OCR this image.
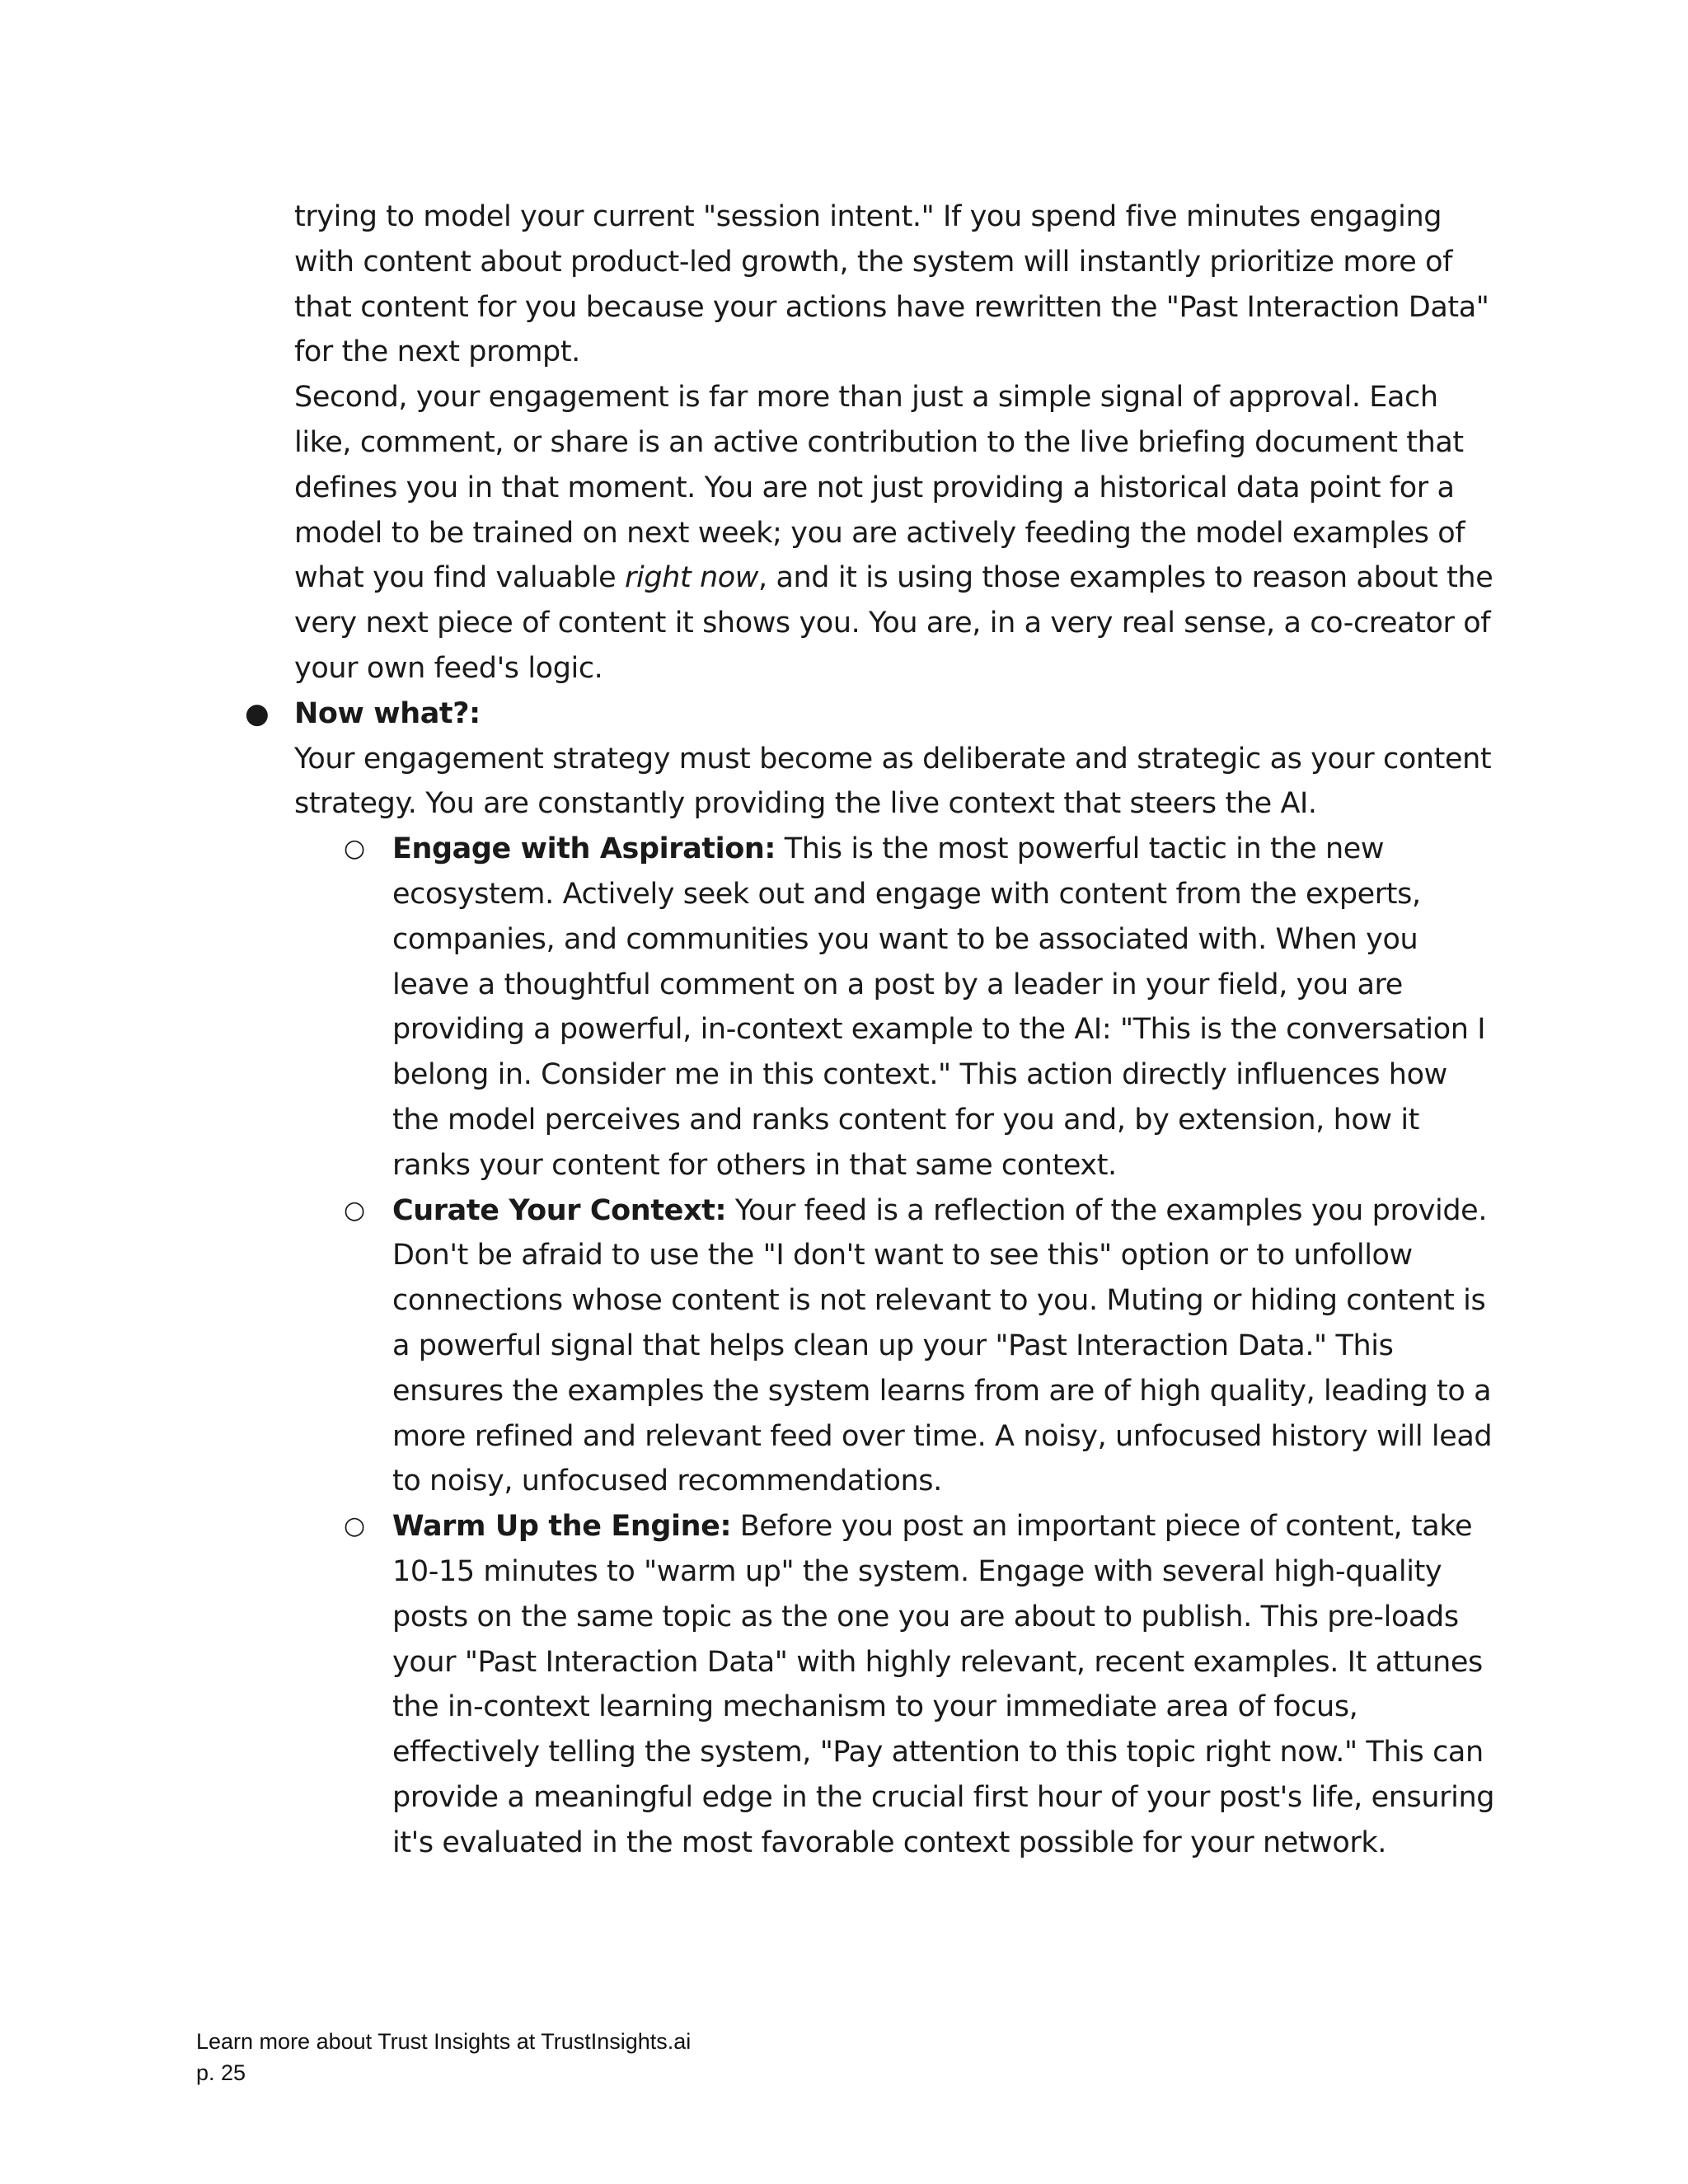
trying to model your current "session intent." If you spend five minutes engaging with content about product-led growth, the system will instantly prioritize more of that content for you because your actions have rewritten the "Past Interaction Data" for the next prompt.

Second, your engagement is far more than just a simple signal of approval. Each like, comment, or share is an active contribution to the live briefing document that defines you in that moment. You are not just providing a historical data point for a model to be trained on next week; you are actively feeding the model examples of what you find valuable right now, and it is using those examples to reason about the very next piece of content it shows you. You are, in a very real sense, a co-creator of your own feed's logic.

● Now what?:

Your engagement strategy must become as deliberate and strategic as your content strategy. You are constantly providing the live context that steers the AI.

○ Engage with Aspiration: This is the most powerful tactic in the new ecosystem. Actively seek out and engage with content from the experts, companies, and communities you want to be associated with. When you leave a thoughtful comment on a post by a leader in your field, you are providing a powerful, in-context example to the AI: "This is the conversation I belong in. Consider me in this context." This action directly influences how the model perceives and ranks content for you and, by extension, how it ranks your content for others in that same context.
○ Curate Your Context: Your feed is a reflection of the examples you provide. Don't be afraid to use the "I don't want to see this" option or to unfollow connections whose content is not relevant to you. Muting or hiding content is a powerful signal that helps clean up your "Past Interaction Data." This ensures the examples the system learns from are of high quality, leading to a more refined and relevant feed over time. A noisy, unfocused history will lead to noisy, unfocused recommendations.
○ Warm Up the Engine: Before you post an important piece of content, take 10-15 minutes to "warm up" the system. Engage with several high-quality posts on the same topic as the one you are about to publish. This pre-loads your "Past Interaction Data" with highly relevant, recent examples. It attunes the in-context learning mechanism to your immediate area of focus, effectively telling the system, "Pay attention to this topic right now." This can provide a meaningful edge in the crucial first hour of your post's life, ensuring it's evaluated in the most favorable context possible for your network.
Learn more about Trust Insights at TrustInsights.ai
p. 25
